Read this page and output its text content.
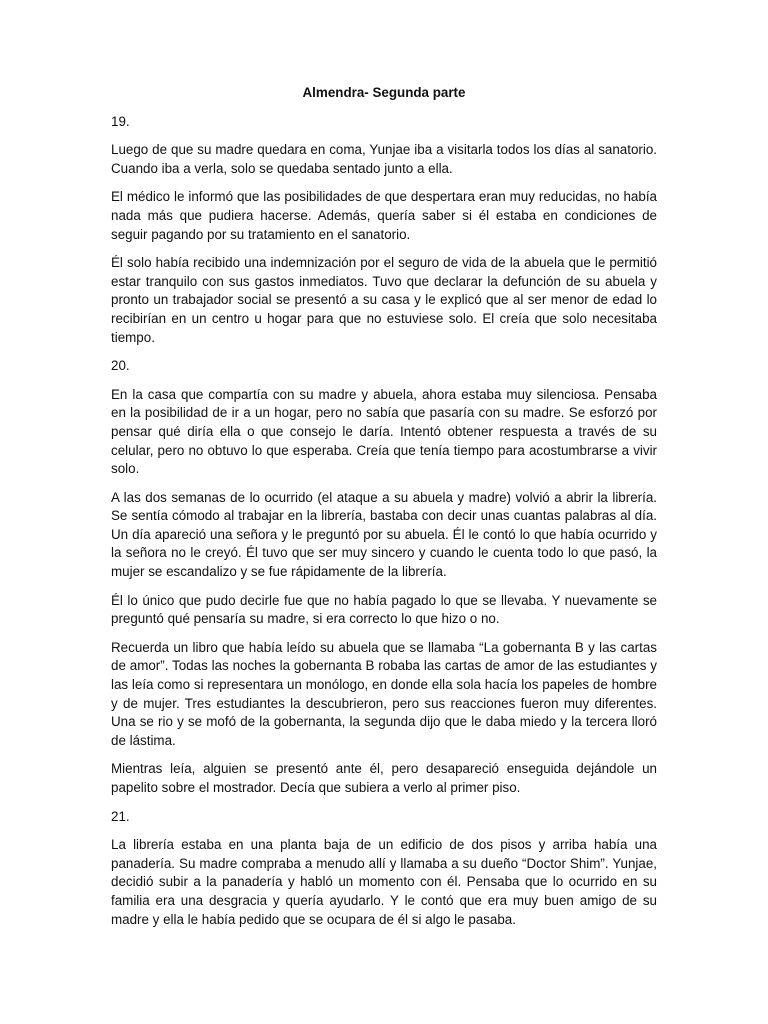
Almendra- Segunda parte
19.

Luego de que su madre quedara en coma, Yunjae iba a visitarla todos los días al sanatorio. Cuando iba a verla, solo se quedaba sentado junto a ella.

El médico le informó que las posibilidades de que despertara eran muy reducidas, no había nada más que pudiera hacerse. Además, quería saber si él estaba en condiciones de seguir pagando por su tratamiento en el sanatorio.

Él solo había recibido una indemnización por el seguro de vida de la abuela que le permitió estar tranquilo con sus gastos inmediatos. Tuvo que declarar la defunción de su abuela y pronto un trabajador social se presentó a su casa y le explicó que al ser menor de edad lo recibirían en un centro u hogar para que no estuviese solo. El creía que solo necesitaba tiempo.

20.

En la casa que compartía con su madre y abuela, ahora estaba muy silenciosa. Pensaba en la posibilidad de ir a un hogar, pero no sabía que pasaría con su madre. Se esforzó por pensar qué diría ella o que consejo le daría. Intentó obtener respuesta a través de su celular, pero no obtuvo lo que esperaba. Creía que tenía tiempo para acostumbrarse a vivir solo.

A las dos semanas de lo ocurrido (el ataque a su abuela y madre) volvió a abrir la librería. Se sentía cómodo al trabajar en la librería, bastaba con decir unas cuantas palabras al día. Un día apareció una señora y le preguntó por su abuela. Él le contó lo que había ocurrido y la señora no le creyó. Él tuvo que ser muy sincero y cuando le cuenta todo lo que pasó, la mujer se escandalizo y se fue rápidamente de la librería.

Él lo único que pudo decirle fue que no había pagado lo que se llevaba. Y nuevamente se preguntó qué pensaría su madre, si era correcto lo que hizo o no.

Recuerda un libro que había leído su abuela que se llamaba “La gobernanta B y las cartas de amor”. Todas las noches la gobernanta B robaba las cartas de amor de las estudiantes y las leía como si representara un monólogo, en donde ella sola hacía los papeles de hombre y de mujer. Tres estudiantes la descubrieron, pero sus reacciones fueron muy diferentes. Una se rio y se mofó de la gobernanta, la segunda dijo que le daba miedo y la tercera lloró de lástima.

Mientras leía, alguien se presentó ante él, pero desapareció enseguida dejándole un papelito sobre el mostrador. Decía que subiera a verlo al primer piso.

21.

La librería estaba en una planta baja de un edificio de dos pisos y arriba había una panadería. Su madre compraba a menudo allí y llamaba a su dueño “Doctor Shim”. Yunjae, decidió subir a la panadería y habló un momento con él. Pensaba que lo ocurrido en su familia era una desgracia y quería ayudarlo. Y le contó que era muy buen amigo de su madre y ella le había pedido que se ocupara de él si algo le pasaba.
